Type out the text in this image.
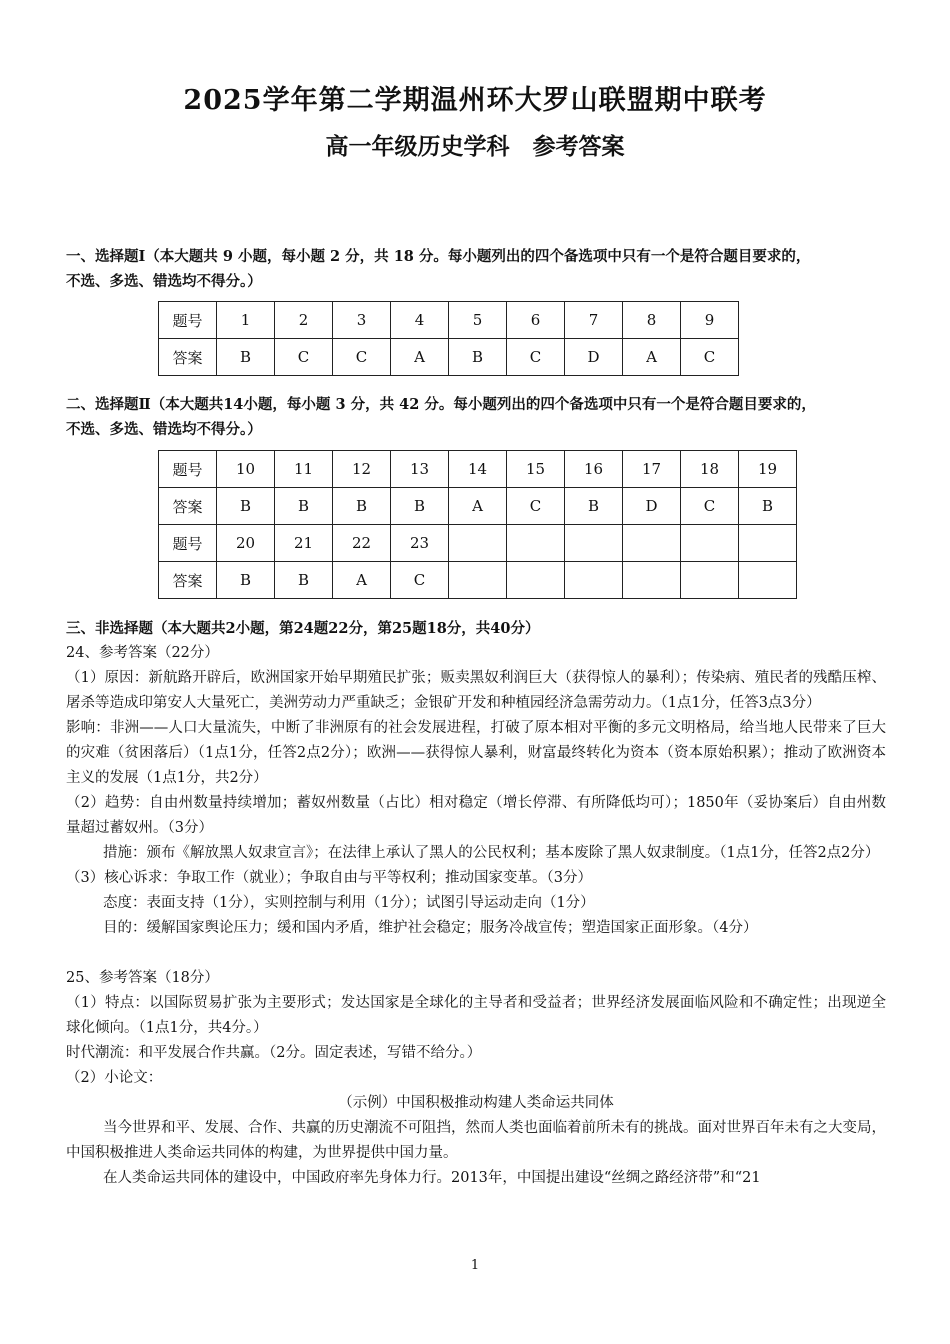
2025学年第二学期温州环大罗山联盟期中联考
高一年级历史学科　参考答案
一、选择题Ⅰ（本大题共 9 小题，每小题 2 分，共 18 分。每小题列出的四个备选项中只有一个是符合题目要求的，
不选、多选、错选均不得分。）
题号	1	2	3	4	5	6	7	8	9
答案	B	C	C	A	B	C	D	A	C
二、选择题Ⅱ（本大题共14小题，每小题 3 分，共 42 分。每小题列出的四个备选项中只有一个是符合题目要求的，
不选、多选、错选均不得分。）
题号	10	11	12	13	14	15	16	17	18	19
答案	B	B	B	B	A	C	B	D	C	B
题号	20	21	22	23						
答案	B	B	A	C						
三、非选择题（本大题共2小题，第24题22分，第25题18分，共40分）

24、参考答案（22分）

（1）原因：新航路开辟后，欧洲国家开始早期殖民扩张；贩卖黑奴利润巨大（获得惊人的暴利）；传染病、殖民者的残酷压榨、屠杀等造成印第安人大量死亡，美洲劳动力严重缺乏；金银矿开发和种植园经济急需劳动力。（1点1分，任答3点3分）

影响：非洲——人口大量流失，中断了非洲原有的社会发展进程，打破了原本相对平衡的多元文明格局，给当地人民带来了巨大的灾难（贫困落后）（1点1分，任答2点2分）；欧洲——获得惊人暴利，财富最终转化为资本（资本原始积累）；推动了欧洲资本主义的发展（1点1分，共2分）

（2）趋势：自由州数量持续增加；蓄奴州数量（占比）相对稳定（增长停滞、有所降低均可）；1850年（妥协案后）自由州数量超过蓄奴州。（3分）

措施：颁布《解放黑人奴隶宣言》；在法律上承认了黑人的公民权利；基本废除了黑人奴隶制度。（1点1分，任答2点2分）

（3）核心诉求：争取工作（就业）；争取自由与平等权利；推动国家变革。（3分）

态度：表面支持（1分），实则控制与利用（1分）；试图引导运动走向（1分）

目的：缓解国家舆论压力；缓和国内矛盾，维护社会稳定；服务冷战宣传；塑造国家正面形象。（4分）

25、参考答案（18分）

（1）特点：以国际贸易扩张为主要形式；发达国家是全球化的主导者和受益者；世界经济发展面临风险和不确定性；出现逆全球化倾向。（1点1分，共4分。）

时代潮流：和平发展合作共赢。（2分。固定表述，写错不给分。）

（2）小论文：

（示例）中国积极推动构建人类命运共同体

当今世界和平、发展、合作、共赢的历史潮流不可阻挡，然而人类也面临着前所未有的挑战。面对世界百年未有之大变局，中国积极推进人类命运共同体的构建，为世界提供中国力量。

在人类命运共同体的建设中，中国政府率先身体力行。2013年，中国提出建设“丝绸之路经济带”和“21

1
